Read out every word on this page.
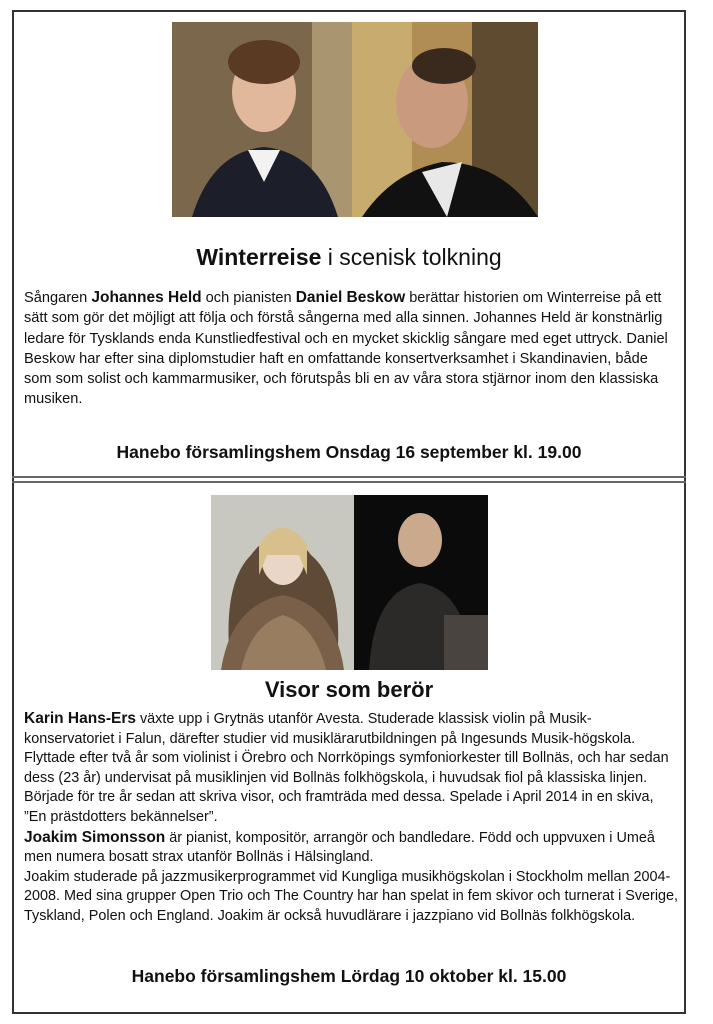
Winterreise i scenisk tolkning
Sångaren Johannes Held och pianisten Daniel Beskow berättar historien om Winterreise på ett sätt som gör det möjligt att följa och förstå sångerna med alla sinnen. Johannes Held är konstnärlig ledare för Tysklands enda Kunstliedfestival och en mycket skicklig sångare med eget uttryck. Daniel Beskow har efter sina diplomstudier haft en omfattande konsertverksamhet i Skandinavien, både som som solist och kammarmusiker, och förutspås bli en av våra stora stjärnor inom den klassiska musiken.
Hanebo församlingshem Onsdag 16 september kl. 19.00
Visor som berör
Karin Hans-Ers växte upp i Grytnäs utanför Avesta. Studerade klassisk violin på Musik-konservatoriet i Falun, därefter studier vid musiklärarutbildningen på Ingesunds Musik-högskola. Flyttade efter två år som violinist i Örebro och Norrköpings symfoniorkester till Bollnäs, och har sedan dess (23 år) undervisat på musiklinjen vid Bollnäs folkhögskola, i huvudsak fiol på klassiska linjen. Började för tre år sedan att skriva visor, och framträda med dessa. Spelade i April 2014 in en skiva, ”En prästdotters bekännelser”.
Joakim Simonsson är pianist, kompositör, arrangör och bandledare. Född och uppvuxen i Umeå men numera bosatt strax utanför Bollnäs i Hälsingland.
Joakim studerade på jazzmusikerprogrammet vid Kungliga musikhögskolan i Stockholm mellan 2004-2008. Med sina grupper Open Trio och The Country har han spelat in fem skivor och turnerat i Sverige, Tyskland, Polen och England. Joakim är också huvudlärare i jazzpiano vid Bollnäs folkhögskola.
Hanebo församlingshem Lördag 10 oktober kl. 15.00
